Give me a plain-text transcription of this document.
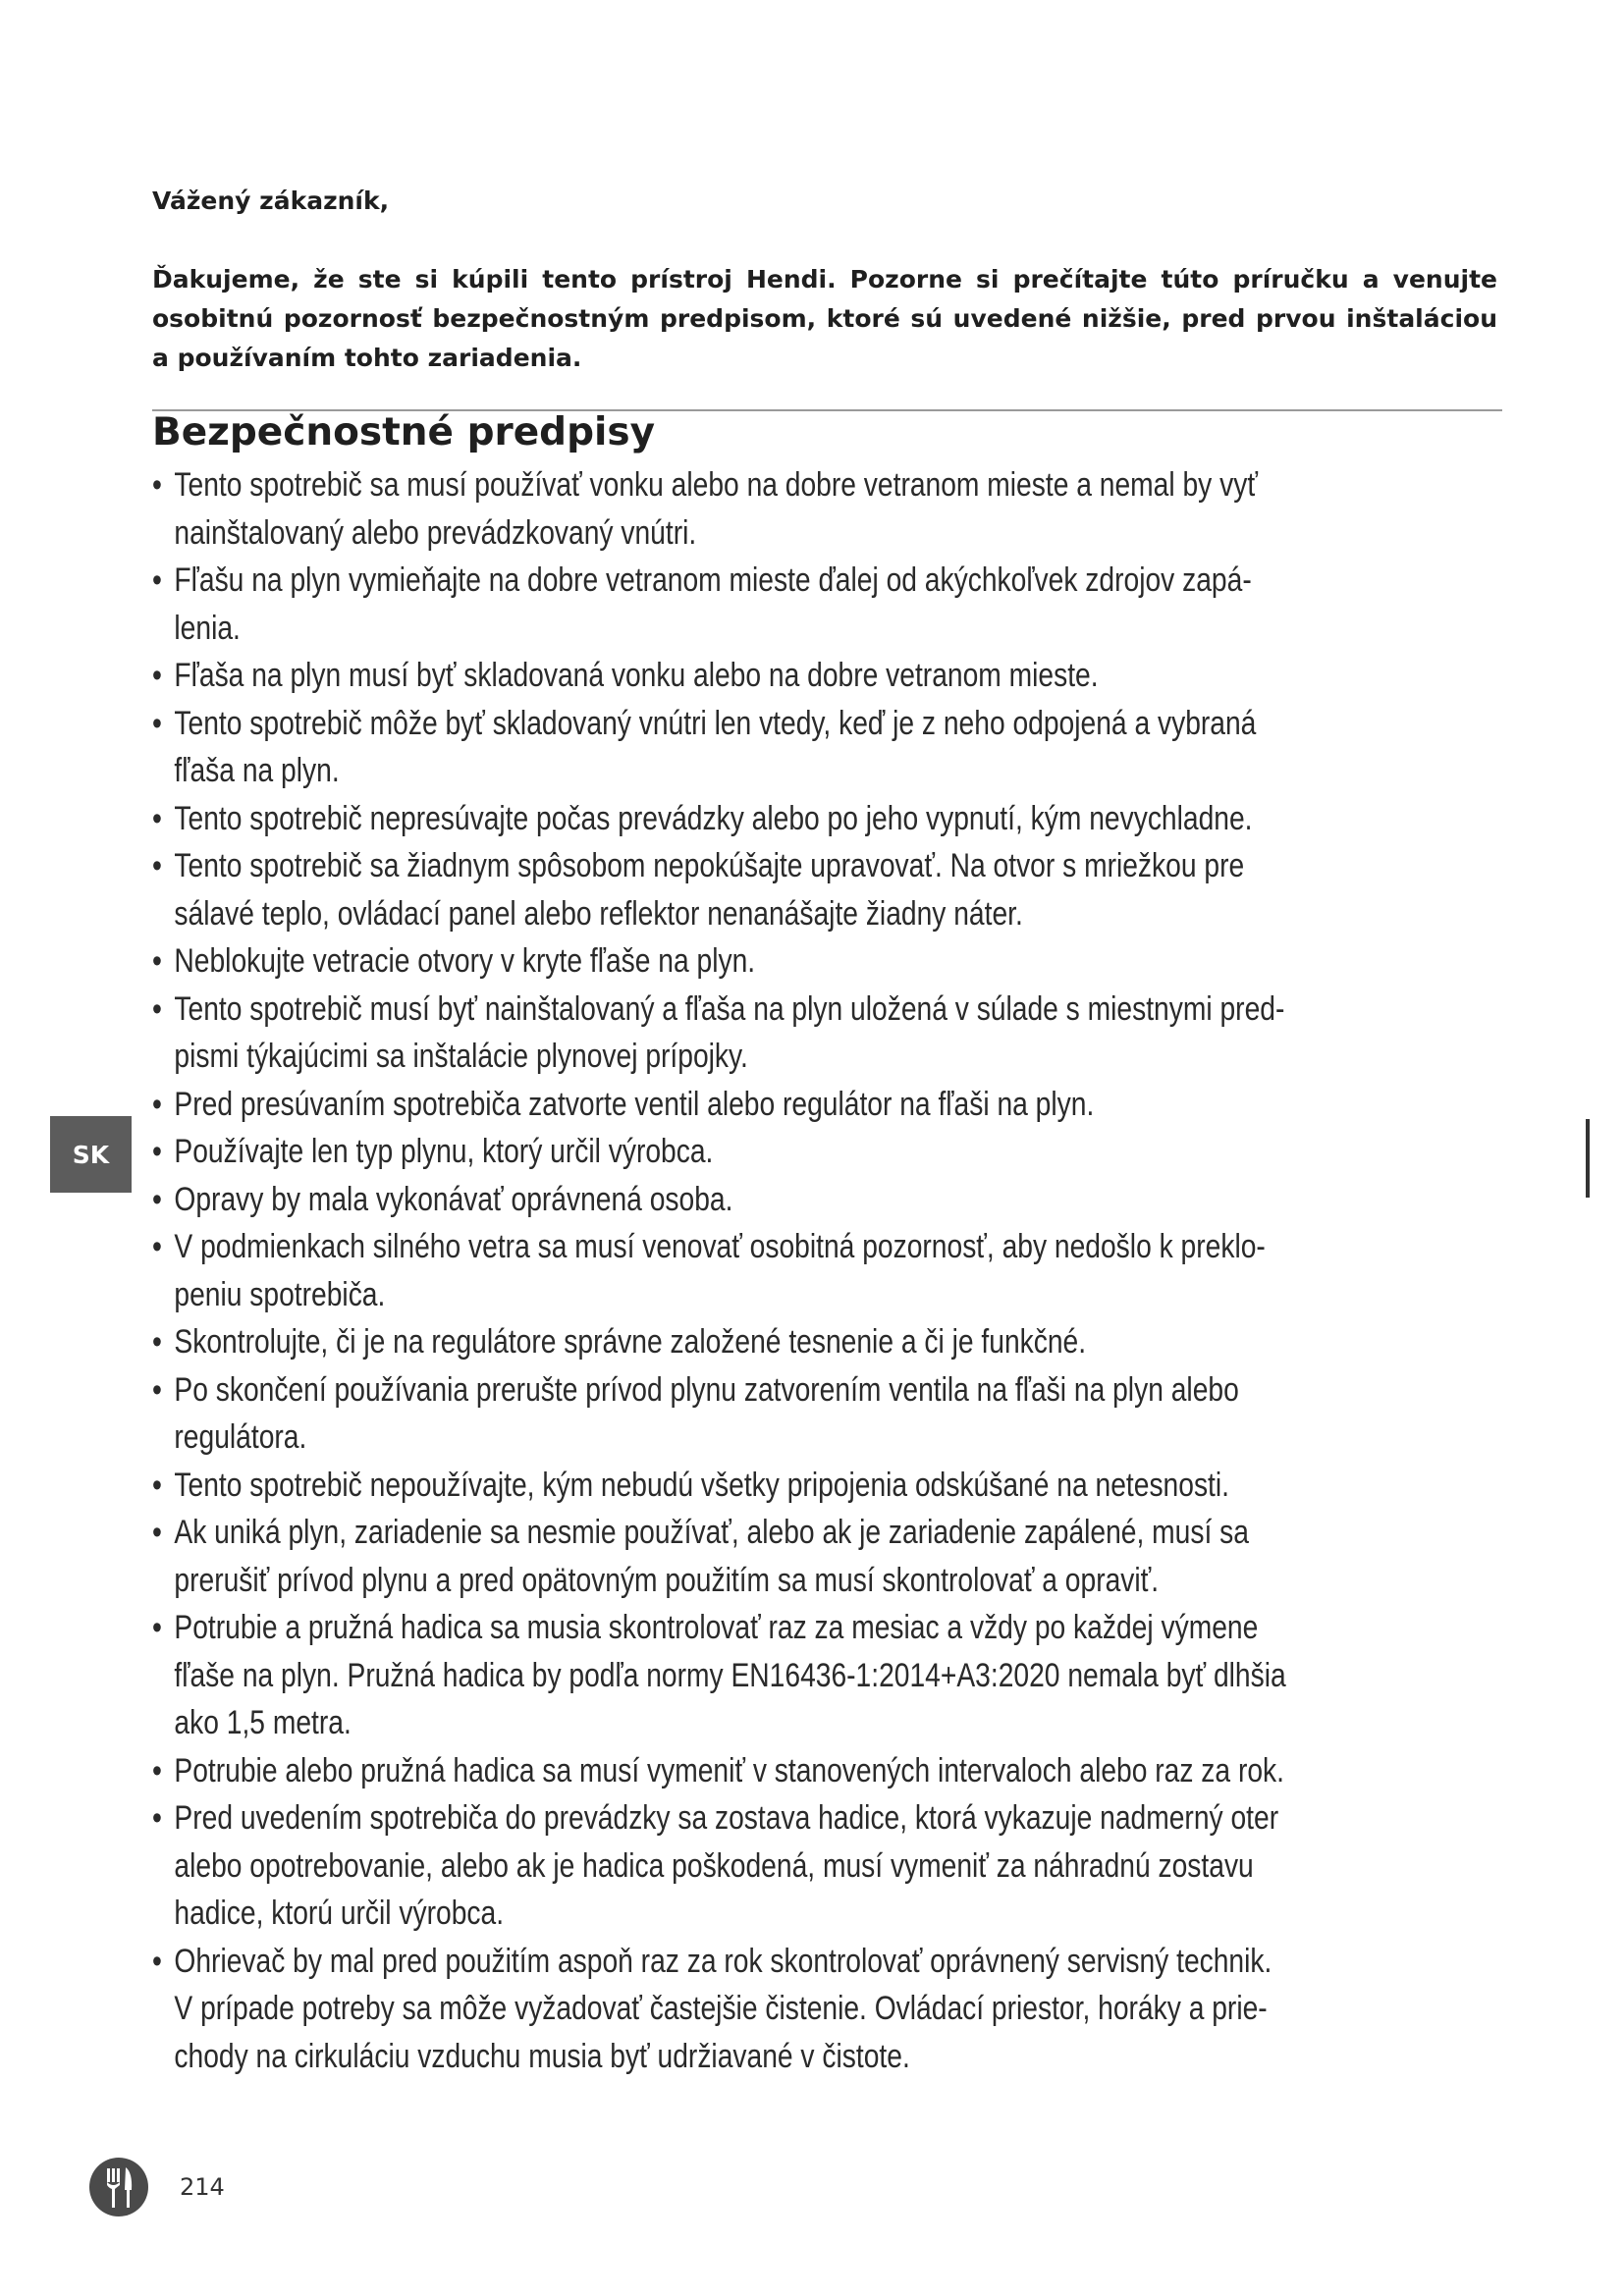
Vážený zákazník,

Ďakujeme, že ste si kúpili tento prístroj Hendi. Pozorne si prečítajte túto príručku a venujte osobitnú pozornosť bezpečnostným predpisom, ktoré sú uvedené nižšie, pred prvou inštaláciou a používaním tohto zariadenia.

Bezpečnostné predpisy
• Tento spotrebič sa musí používať vonku alebo na dobre vetranom mieste a nemal by vyť nainštalovaný alebo prevádzkovaný vnútri.
• Fľašu na plyn vymieňajte na dobre vetranom mieste ďalej od akýchkoľvek zdrojov zapá- lenia.
• Fľaša na plyn musí byť skladovaná vonku alebo na dobre vetranom mieste.
• Tento spotrebič môže byť skladovaný vnútri len vtedy, keď je z neho odpojená a vybraná fľaša na plyn.
• Tento spotrebič nepresúvajte počas prevádzky alebo po jeho vypnutí, kým nevychladne.
• Tento spotrebič sa žiadnym spôsobom nepokúšajte upravovať. Na otvor s mriežkou pre sálavé teplo, ovládací panel alebo reflektor nenanášajte žiadny náter.
• Neblokujte vetracie otvory v kryte fľaše na plyn.
• Tento spotrebič musí byť nainštalovaný a fľaša na plyn uložená v súlade s miestnymi pred- pismi týkajúcimi sa inštalácie plynovej prípojky.
• Pred presúvaním spotrebiča zatvorte ventil alebo regulátor na fľaši na plyn.
• Používajte len typ plynu, ktorý určil výrobca.
• Opravy by mala vykonávať oprávnená osoba.
• V podmienkach silného vetra sa musí venovať osobitná pozornosť, aby nedošlo k preklo- peniu spotrebiča.
• Skontrolujte, či je na regulátore správne založené tesnenie a či je funkčné.
• Po skončení používania prerušte prívod plynu zatvorením ventila na fľaši na plyn alebo regulátora.
• Tento spotrebič nepoužívajte, kým nebudú všetky pripojenia odskúšané na netesnosti.
• Ak uniká plyn, zariadenie sa nesmie používať, alebo ak je zariadenie zapálené, musí sa prerušiť prívod plynu a pred opätovným použitím sa musí skontrolovať a opraviť.
• Potrubie a pružná hadica sa musia skontrolovať raz za mesiac a vždy po každej výmene fľaše na plyn. Pružná hadica by podľa normy EN16436-1:2014+A3:2020 nemala byť dlhšia ako 1,5 metra.
• Potrubie alebo pružná hadica sa musí vymeniť v stanovených intervaloch alebo raz za rok.
• Pred uvedením spotrebiča do prevádzky sa zostava hadice, ktorá vykazuje nadmerný oter alebo opotrebovanie, alebo ak je hadica poškodená, musí vymeniť za náhradnú zostavu hadice, ktorú určil výrobca.
• Ohrievač by mal pred použitím aspoň raz za rok skontrolovať oprávnený servisný technik. V prípade potreby sa môže vyžadovať častejšie čistenie. Ovládací priestor, horáky a prie- chody na cirkuláciu vzduchu musia byť udržiavané v čistote.
SK
214
